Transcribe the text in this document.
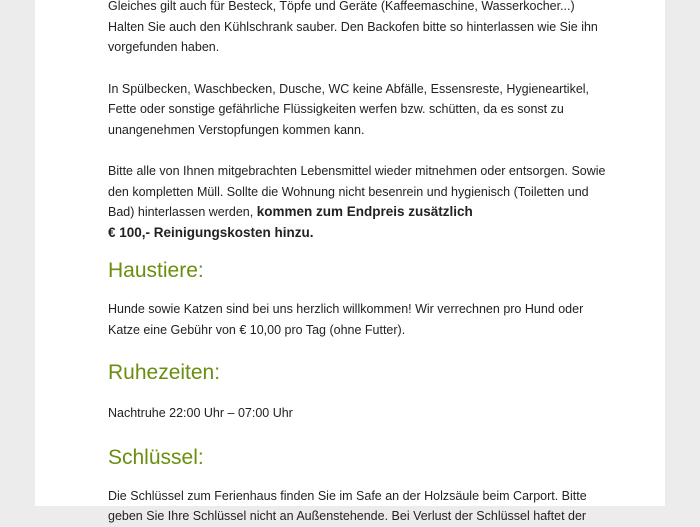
Gleiches gilt auch für Besteck, Töpfe und Geräte (Kaffeemaschine, Wasserkocher...) Halten Sie auch den Kühlschrank sauber. Den Backofen bitte so hinterlassen wie Sie ihn vorgefunden haben.

In Spülbecken, Waschbecken, Dusche, WC keine Abfälle, Essensreste, Hygieneartikel, Fette oder sonstige gefährliche Flüssigkeiten werfen bzw. schütten, da es sonst zu unangenehmen Verstopfungen kommen kann.

Bitte alle von Ihnen mitgebrachten Lebensmittel wieder mitnehmen oder entsorgen. Sowie den kompletten Müll. Sollte die Wohnung nicht besenrein und hygienisch (Toiletten und Bad) hinterlassen werden, kommen zum Endpreis zusätzlich
€ 100,- Reinigungskosten hinzu.

Haustiere:

Hunde sowie Katzen sind bei uns herzlich willkommen! Wir verrechnen pro Hund oder Katze eine Gebühr von € 10,00 pro Tag (ohne Futter).

Ruhezeiten:

Nachtruhe 22:00 Uhr – 07:00 Uhr

Schlüssel:

Die Schlüssel zum Ferienhaus finden Sie im Safe an der Holzsäule beim Carport. Bitte geben Sie Ihre Schlüssel nicht an Außenstehende. Bei Verlust der Schlüssel haftet der
